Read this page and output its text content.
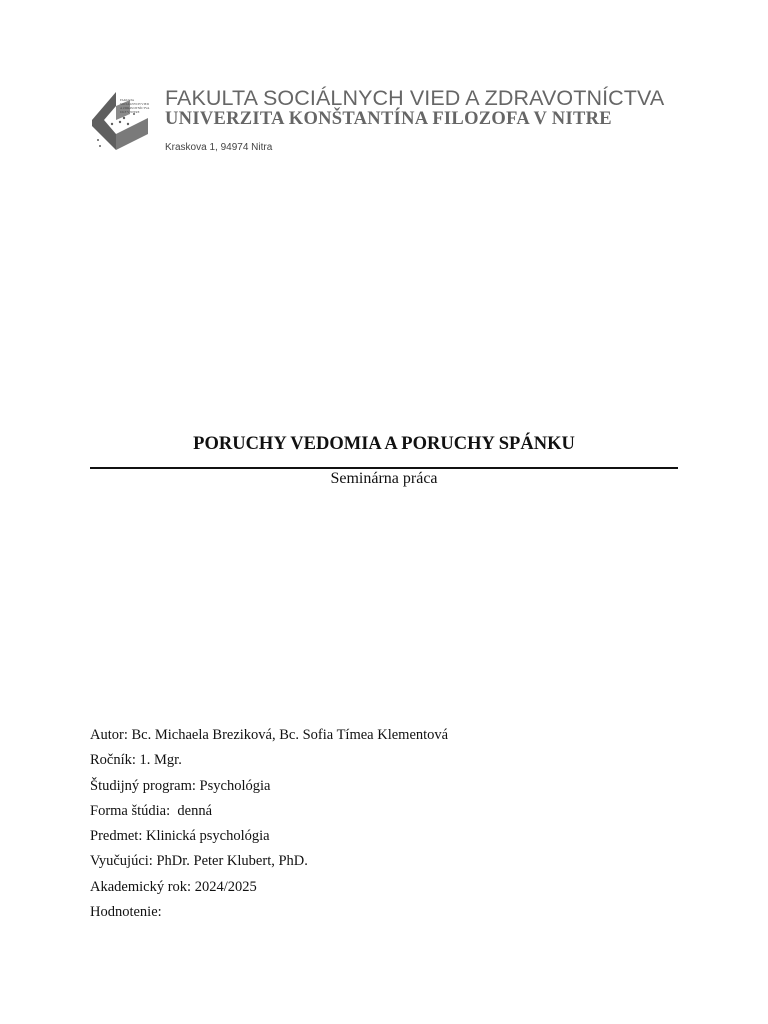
FAKULTA
SOCIÁLNYCH VIED
A ZDRAVOTNÍCTVA
UKF V NITRE
FAKULTA SOCIÁLNYCH VIED A ZDRAVOTNÍCTVA
UNIVERZITA KONŠTANTÍNA FILOZOFA V NITRE
Kraskova 1, 94974 Nitra
PORUCHY VEDOMIA A PORUCHY SPÁNKU
Seminárna práca
Autor: Bc. Michaela Breziková, Bc. Sofia Tímea Klementová
Ročník: 1. Mgr.
Študijný program: Psychológia
Forma štúdia:  denná
Predmet: Klinická psychológia
Vyučujúci: PhDr. Peter Klubert, PhD.
Akademický rok: 2024/2025
Hodnotenie:
